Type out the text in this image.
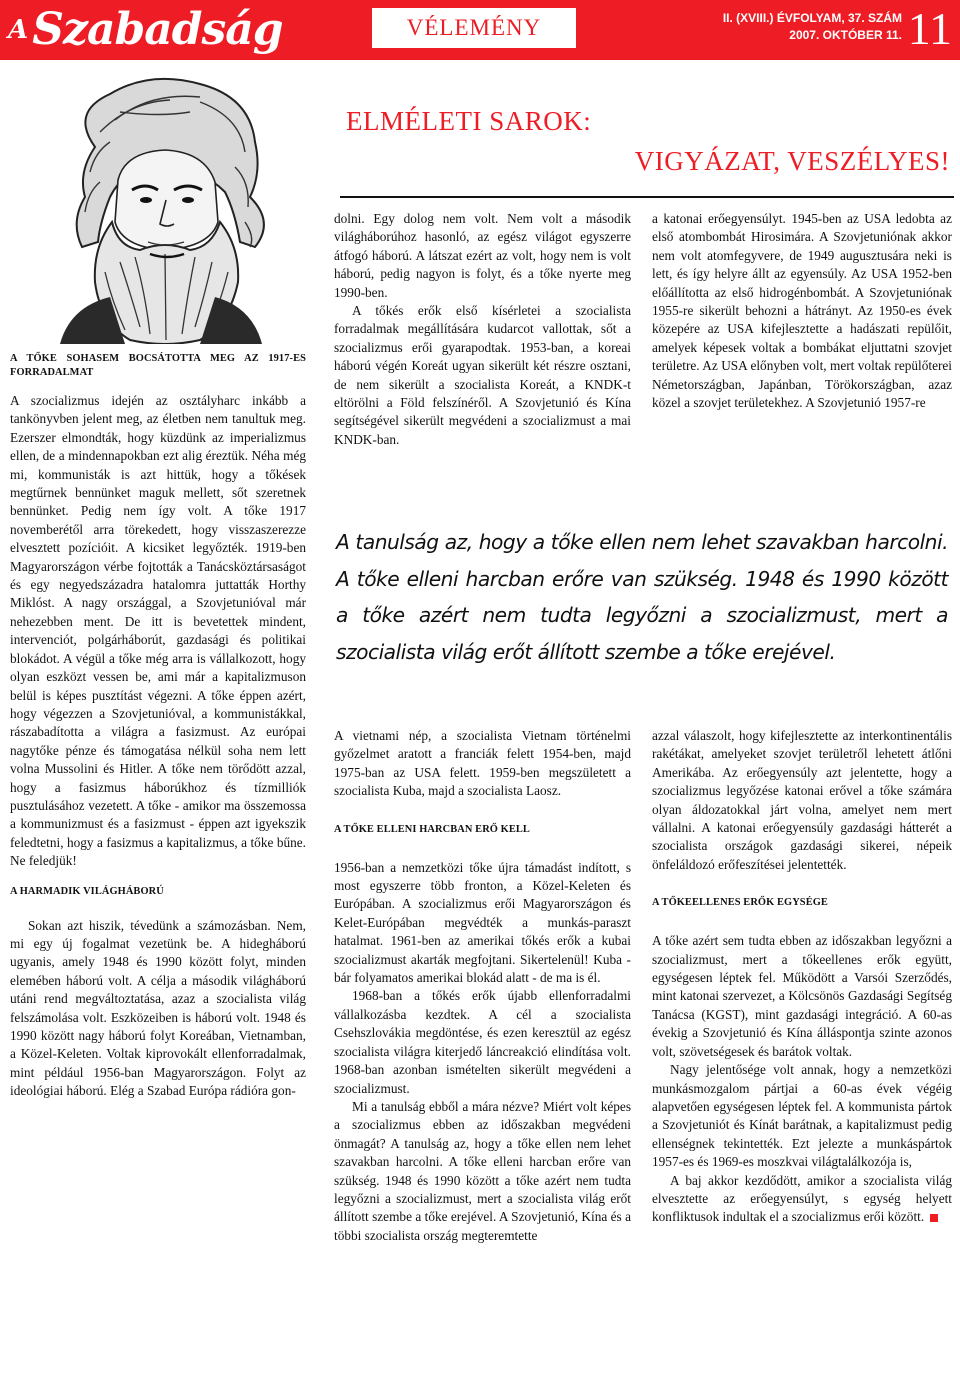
ASzabadság	VÉLEMÉNY	II. (XVIII.) ÉVFOLYAM, 37. SZÁM
2007. OKTÓBER 11. 11
ELMÉLETI SAROK:
VIGYÁZAT, VESZÉLYES!
A TŐKE SOHASEM BOCSÁTOTTA MEG AZ 1917-ES FORRADALMAT

A szocializmus idején az osztályharc inkább a tankönyvben jelent meg, az életben nem tanultuk meg. Ezerszer elmondták, hogy küzdünk az imperializmus ellen, de a mindennapokban ezt alig éreztük. Néha még mi, kommunisták is azt hittük, hogy a tőkések megtűrnek bennünket maguk mellett, sőt szeretnek bennünket. Pedig nem így volt. A tőke 1917 novemberétől arra törekedett, hogy visszaszerezze elvesztett pozícióit. A kicsiket legyőzték. 1919-ben Magyarországon vérbe fojtották a Tanácsköztársaságot és egy negyedszázadra hatalomra juttatták Horthy Miklóst. A nagy országgal, a Szovjetunióval már nehezebben ment. De itt is bevetettek mindent, intervenciót, polgárháborút, gazdasági és politikai blokádot. A végül a tőke még arra is vállalkozott, hogy olyan eszközt vessen be, ami már a kapitalizmuson belül is képes pusztítást végezni. A tőke éppen azért, hogy végezzen a Szovjetunióval, a kommunistákkal, rászabadította a világra a fasizmust. Az európai nagytőke pénze és támogatása nélkül soha nem lett volna Mussolini és Hitler. A tőke nem törődött azzal, hogy a fasizmus háborúkhoz és tízmilliók pusztulásához vezetett. A tőke - amikor ma összemossa a kommunizmust és a fasizmust - éppen azt igyekszik feledtetni, hogy a fasizmus a kapitalizmus, a tőke bűne. Ne feledjük!

A HARMADIK VILÁGHÁBORÚ

Sokan azt hiszik, tévedünk a számozásban. Nem, mi egy új fogalmat vezetünk be. A hidegháború ugyanis, amely 1948 és 1990 között folyt, minden elemében háború volt. A célja a második világháború utáni rend megváltoztatása, azaz a szocialista világ felszámolása volt. Eszközeiben is háború volt. 1948 és 1990 között nagy háború folyt Koreában, Vietnamban, a Közel-Keleten. Voltak kiprovokált ellenforradalmak, mint például 1956-ban Magyarországon. Folyt az ideológiai háború. Elég a Szabad Európa rádióra gon-

dolni. Egy dolog nem volt. Nem volt a második világháborúhoz hasonló, az egész világot egyszerre átfogó háború. A látszat ezért az volt, hogy nem is volt háború, pedig nagyon is folyt, és a tőke nyerte meg 1990-ben.

A tőkés erők első kísérletei a szocialista forradalmak megállítására kudarcot vallottak, sőt a szocializmus erői gyarapodtak. 1953-ban, a koreai háború végén Koreát ugyan sikerült két részre osztani, de nem sikerült a szocialista Koreát, a KNDK-t eltörölni a Föld felszínéről. A Szovjetunió és Kína segítségével sikerült megvédeni a szocializmust a mai KNDK-ban.

a katonai erőegyensúlyt. 1945-ben az USA ledobta az első atombombát Hirosimára. A Szovjetuniónak akkor nem volt atomfegyvere, de 1949 augusztusára neki is lett, és így helyre állt az egyensúly. Az USA 1952-ben előállította az első hidrogénbombát. A Szovjetuniónak 1955-re sikerült behozni a hátrányt. Az 1950-es évek közepére az USA kifejlesztette a hadászati repülőit, amelyek képesek voltak a bombákat eljuttatni szovjet területre. Az USA előnyben volt, mert voltak repülőterei Németországban, Japánban, Törökországban, azaz közel a szovjet területekhez. A Szovjetunió 1957-re

A tanulság az, hogy a tőke ellen nem lehet szavakban harcolni. A tőke elleni harcban erőre van szükség. 1948 és 1990 között a tőke azért nem tudta legyőzni a szocializmust, mert a szocialista világ erőt állított szembe a tőke erejével.

A vietnami nép, a szocialista Vietnam történelmi győzelmet aratott a franciák felett 1954-ben, majd 1975-ban az USA felett. 1959-ben megszületett a szocialista Kuba, majd a szocialista Laosz.

A TŐKE ELLENI HARCBAN ERŐ KELL

1956-ban a nemzetközi tőke újra támadást indított, s most egyszerre több fronton, a Közel-Keleten és Európában. A szocializmus erői Magyarországon és Kelet-Európában megvédték a munkás-paraszt hatalmat. 1961-ben az amerikai tőkés erők a kubai szocializmust akarták megfojtani. Sikertelenül! Kuba - bár folyamatos amerikai blokád alatt - de ma is él.

1968-ban a tőkés erők újabb ellenforradalmi vállalkozásba kezdtek. A cél a szocialista Csehszlovákia megdöntése, és ezen keresztül az egész szocialista világra kiterjedő láncreakció elindítása volt. 1968-ban azonban ismételten sikerült megvédeni a szocializmust.

Mi a tanulság ebből a mára nézve? Miért volt képes a szocializmus ebben az időszakban megvédeni önmagát? A tanulság az, hogy a tőke ellen nem lehet szavakban harcolni. A tőke elleni harcban erőre van szükség. 1948 és 1990 között a tőke azért nem tudta legyőzni a szocializmust, mert a szocialista világ erőt állított szembe a tőke erejével. A Szovjetunió, Kína és a többi szocialista ország megteremtette

azzal válaszolt, hogy kifejlesztette az interkontinentális rakétákat, amelyeket szovjet területről lehetett átlőni Amerikába. Az erőegyensúly azt jelentette, hogy a szocializmus legyőzése katonai erővel a tőke számára olyan áldozatokkal járt volna, amelyet nem mert vállalni. A katonai erőegyensúly gazdasági hátterét a szocialista országok gazdasági sikerei, népeik önfeláldozó erőfeszítései jelentették.

A TŐKEELLENES ERŐK EGYSÉGE

A tőke azért sem tudta ebben az időszakban legyőzni a szocializmust, mert a tőkeellenes erők együtt, egységesen léptek fel. Működött a Varsói Szerződés, mint katonai szervezet, a Kölcsönös Gazdasági Segítség Tanácsa (KGST), mint gazdasági integráció. A 60-as évekig a Szovjetunió és Kína álláspontja szinte azonos volt, szövetségesek és barátok voltak.

Nagy jelentősége volt annak, hogy a nemzetközi munkásmozgalom pártjai a 60-as évek végéig alapvetően egységesen léptek fel. A kommunista pártok a Szovjetuniót és Kínát barátnak, a kapitalizmust pedig ellenségnek tekintették. Ezt jelezte a munkáspártok 1957-es és 1969-es moszkvai világtalálkozója is,

A baj akkor kezdődött, amikor a szocialista világ elvesztette az erőegyensúlyt, s egység helyett konfliktusok indultak el a szocializmus erői között.
